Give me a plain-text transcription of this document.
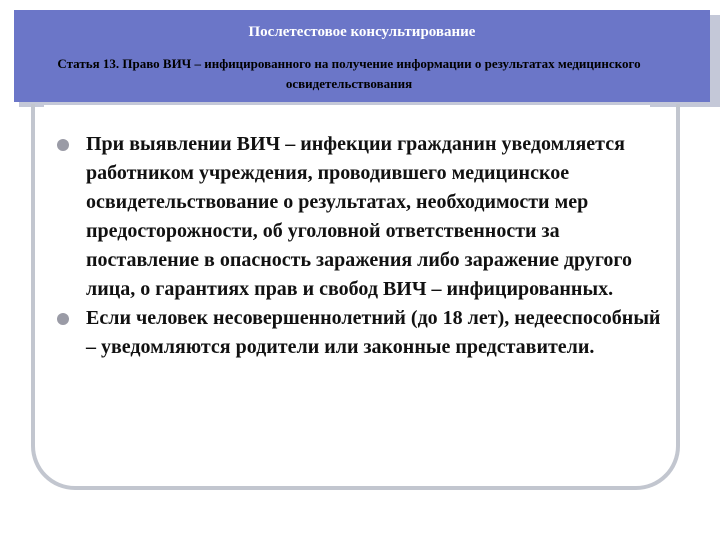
Послетестовое консультирование

Статья 13. Право ВИЧ – инфицированного на получение информации о результатах медицинского освидетельствования

При выявлении ВИЧ – инфекции гражданин уведомляется работником учреждения, проводившего медицинское освидетельствование о результатах, необходимости мер предосторожности, об уголовной ответственности за поставление в опасность заражения либо заражение другого лица, о гарантиях прав и свобод ВИЧ – инфицированных.
Если человек несовершеннолетний (до 18 лет), недееспособный – уведомляются родители или законные представители.
